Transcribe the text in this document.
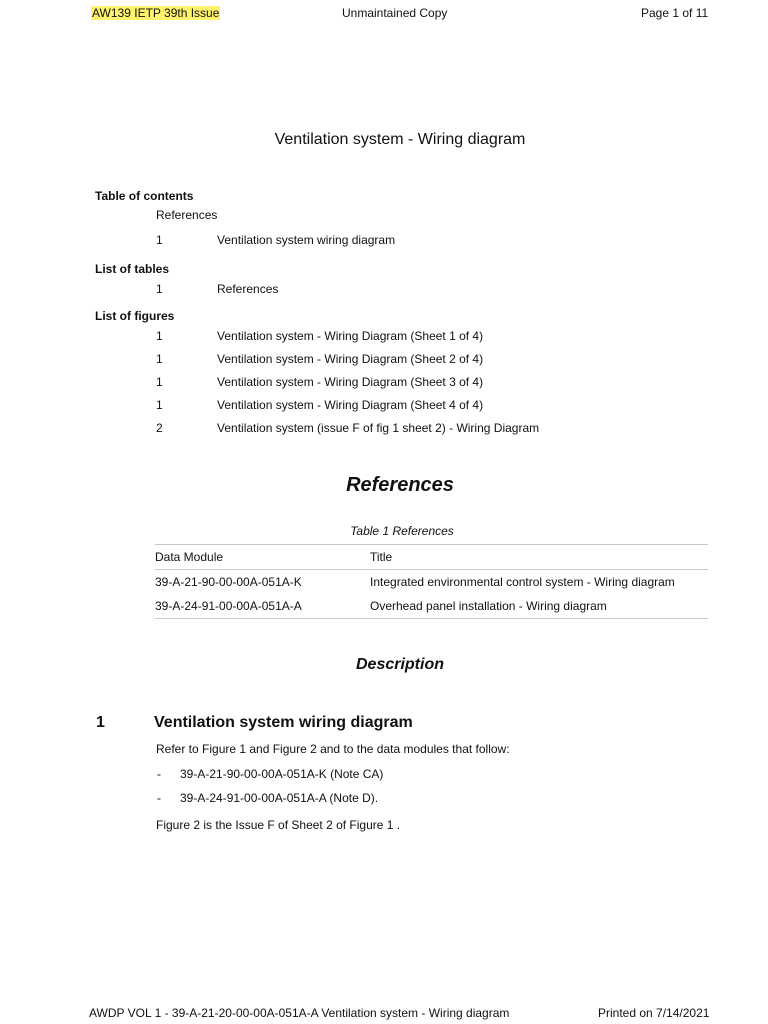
AW139 IETP 39th Issue	Unmaintained Copy	Page 1 of 11
Ventilation system - Wiring diagram
Table of contents
References
1	Ventilation system wiring diagram
List of tables
1	References
List of figures
1	Ventilation system - Wiring Diagram (Sheet 1 of 4)
1	Ventilation system - Wiring Diagram (Sheet 2 of 4)
1	Ventilation system - Wiring Diagram (Sheet 3 of 4)
1	Ventilation system - Wiring Diagram (Sheet 4 of 4)
2	Ventilation system (issue F of fig 1 sheet 2) - Wiring Diagram
References
Table 1 References
Data Module	Title
39-A-21-90-00-00A-051A-K	Integrated environmental control system - Wiring diagram
39-A-24-91-00-00A-051A-A	Overhead panel installation - Wiring diagram
Description
1	Ventilation system wiring diagram
Refer to Figure 1 and Figure 2 and to the data modules that follow:
- 39-A-21-90-00-00A-051A-K (Note CA)
- 39-A-24-91-00-00A-051A-A (Note D).
Figure 2 is the Issue F of Sheet 2 of Figure 1 .
AWDP VOL 1 - 39-A-21-20-00-00A-051A-A Ventilation system - Wiring diagram	Printed on 7/14/2021
